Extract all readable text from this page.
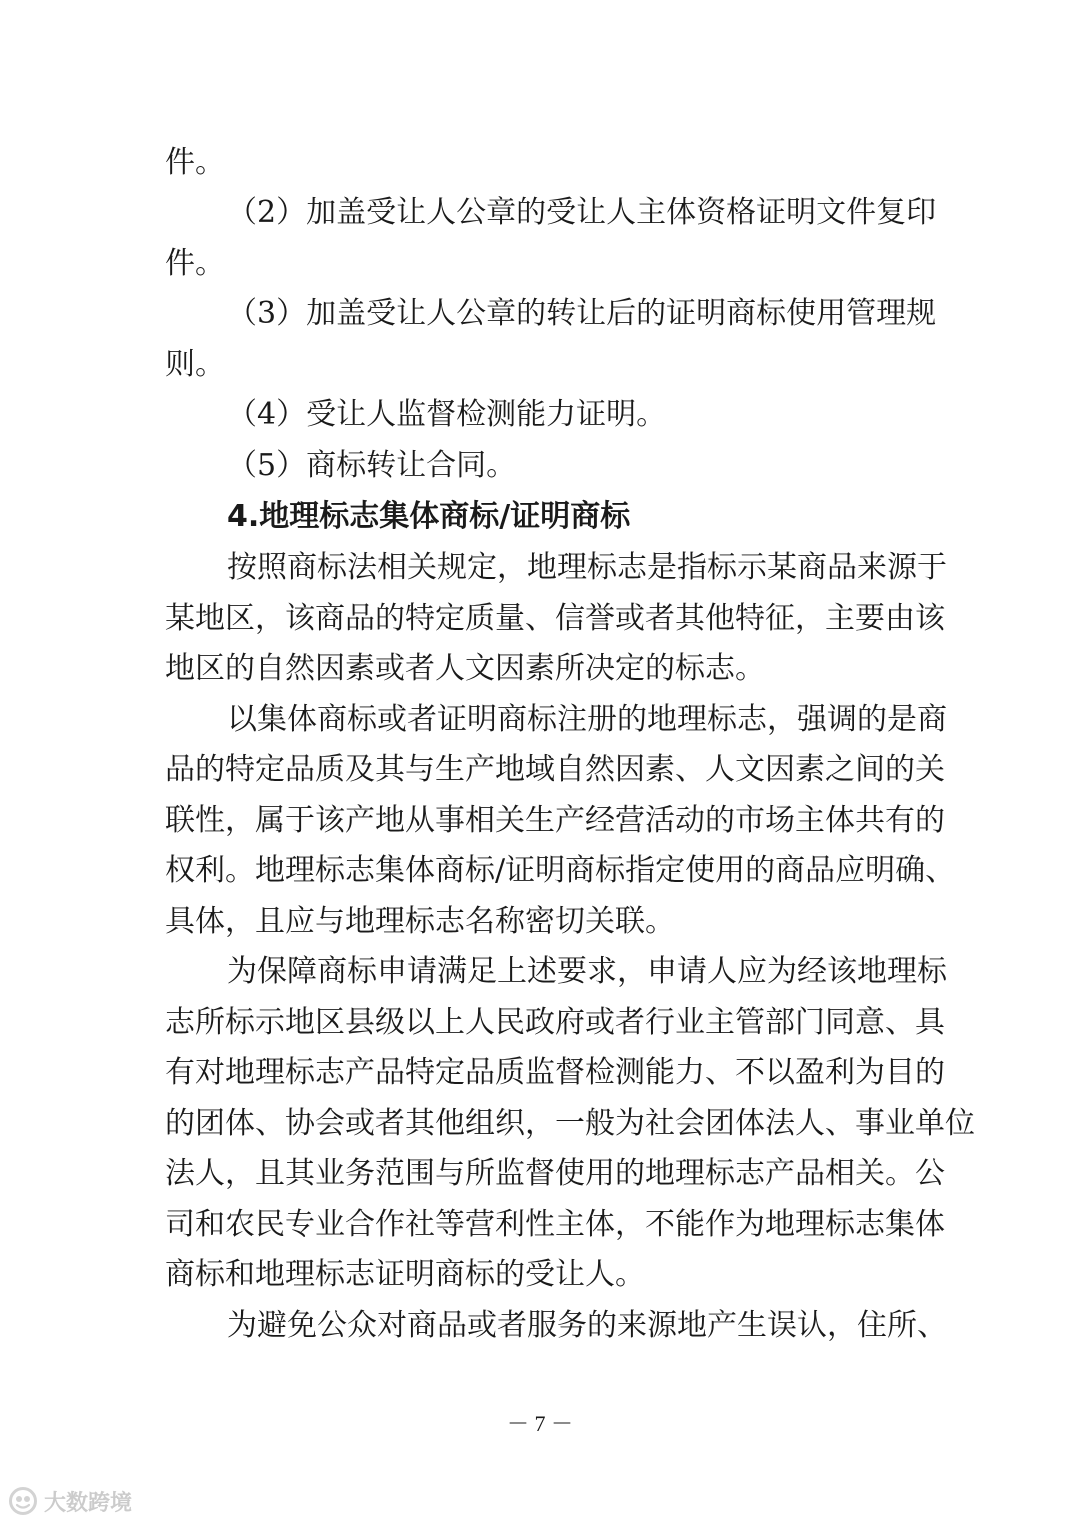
件。
（2）加盖受让人公章的受让人主体资格证明文件复印
件。
（3）加盖受让人公章的转让后的证明商标使用管理规
则。
（4）受让人监督检测能力证明。
（5）商标转让合同。
4.地理标志集体商标/证明商标
按照商标法相关规定，地理标志是指标示某商品来源于
某地区，该商品的特定质量、信誉或者其他特征，主要由该
地区的自然因素或者人文因素所决定的标志。
以集体商标或者证明商标注册的地理标志，强调的是商
品的特定品质及其与生产地域自然因素、人文因素之间的关
联性，属于该产地从事相关生产经营活动的市场主体共有的
权利。地理标志集体商标/证明商标指定使用的商品应明确、
具体，且应与地理标志名称密切关联。
为保障商标申请满足上述要求，申请人应为经该地理标
志所标示地区县级以上人民政府或者行业主管部门同意、具
有对地理标志产品特定品质监督检测能力、不以盈利为目的
的团体、协会或者其他组织，一般为社会团体法人、事业单位
法人，且其业务范围与所监督使用的地理标志产品相关。公
司和农民专业合作社等营利性主体，不能作为地理标志集体
商标和地理标志证明商标的受让人。
为避免公众对商品或者服务的来源地产生误认，住所、
－ 7 －
大数跨境
